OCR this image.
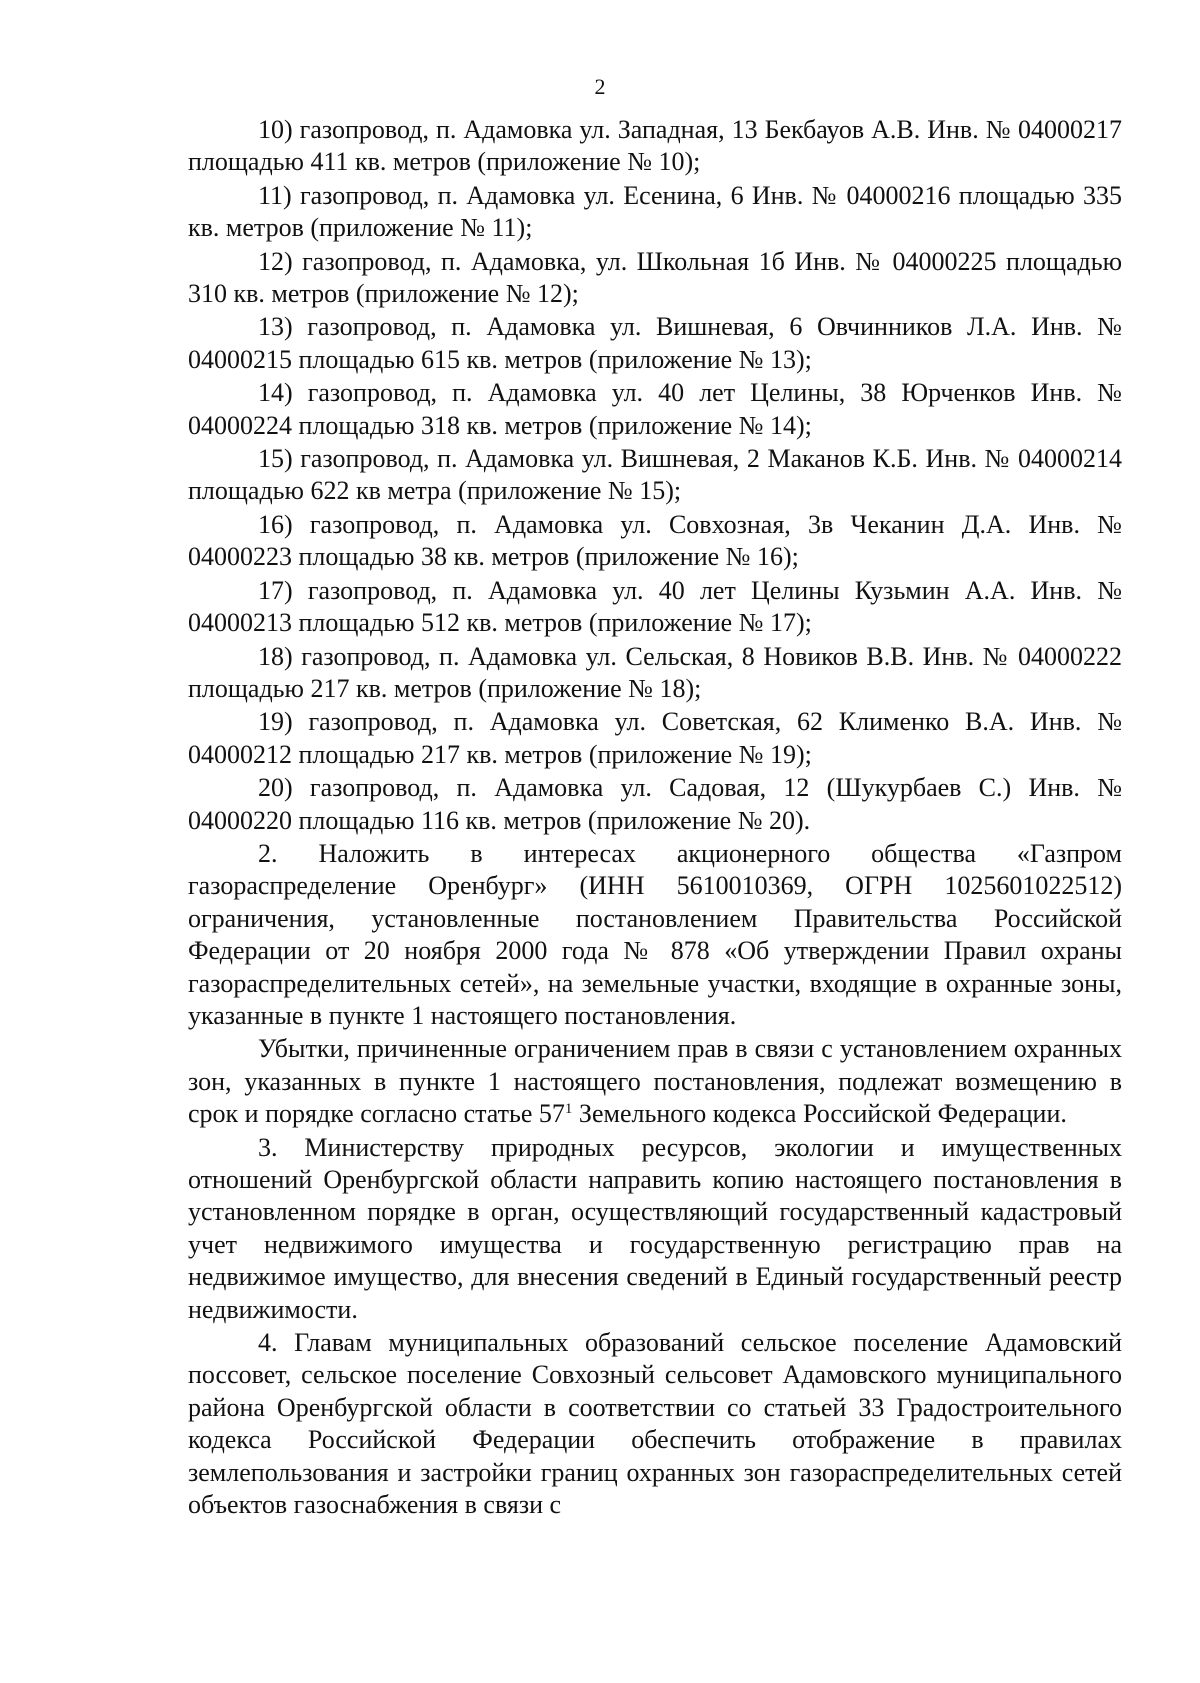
2

10) газопровод, п. Адамовка ул. Западная, 13 Бекбауов А.В. Инв. № 04000217 площадью 411 кв. метров (приложение № 10);

11) газопровод, п. Адамовка ул. Есенина, 6 Инв. № 04000216 площадью 335 кв. метров (приложение № 11);

12) газопровод, п. Адамовка, ул. Школьная 1б Инв. № 04000225 площадью 310 кв. метров (приложение № 12);

13) газопровод, п. Адамовка ул. Вишневая, 6 Овчинников Л.А. Инв. № 04000215 площадью 615 кв. метров (приложение № 13);

14) газопровод, п. Адамовка ул. 40 лет Целины, 38 Юрченков Инв. № 04000224 площадью 318 кв. метров (приложение № 14);

15) газопровод, п. Адамовка ул. Вишневая, 2 Маканов К.Б. Инв. № 04000214 площадью 622 кв метра (приложение № 15);

16) газопровод, п. Адамовка ул. Совхозная, 3в Чеканин Д.А. Инв. № 04000223 площадью 38 кв. метров (приложение № 16);

17) газопровод, п. Адамовка ул. 40 лет Целины Кузьмин А.А. Инв. № 04000213 площадью 512 кв. метров (приложение № 17);

18) газопровод, п. Адамовка ул. Сельская, 8 Новиков В.В. Инв. № 04000222 площадью 217 кв. метров (приложение № 18);

19) газопровод, п. Адамовка ул. Советская, 62 Клименко В.А. Инв. № 04000212 площадью 217 кв. метров (приложение № 19);

20) газопровод, п. Адамовка ул. Садовая, 12 (Шукурбаев С.) Инв. № 04000220 площадью 116 кв. метров (приложение № 20).

2. Наложить в интересах акционерного общества «Газпром газораспределение Оренбург» (ИНН 5610010369, ОГРН 1025601022512) ограничения, установленные постановлением Правительства Российской Федерации от 20 ноября 2000 года № 878 «Об утверждении Правил охраны газораспределительных сетей», на земельные участки, входящие в охранные зоны, указанные в пункте 1 настоящего постановления.

Убытки, причиненные ограничением прав в связи с установлением охранных зон, указанных в пункте 1 настоящего постановления, подлежат возмещению в срок и порядке согласно статье $57^1$ Земельного кодекса Российской Федерации.

3. Министерству природных ресурсов, экологии и имущественных отношений Оренбургской области направить копию настоящего постановления в установленном порядке в орган, осуществляющий государственный кадастровый учет недвижимого имущества и государственную регистрацию прав на недвижимое имущество, для внесения сведений в Единый государственный реестр недвижимости.

4. Главам муниципальных образований сельское поселение Адамовский поссовет, сельское поселение Совхозный сельсовет Адамовского муниципального района Оренбургской области в соответствии со статьей 33 Градостроительного кодекса Российской Федерации обеспечить отображение в правилах землепользования и застройки границ охранных зон газораспределительных сетей объектов газоснабжения в связи с
